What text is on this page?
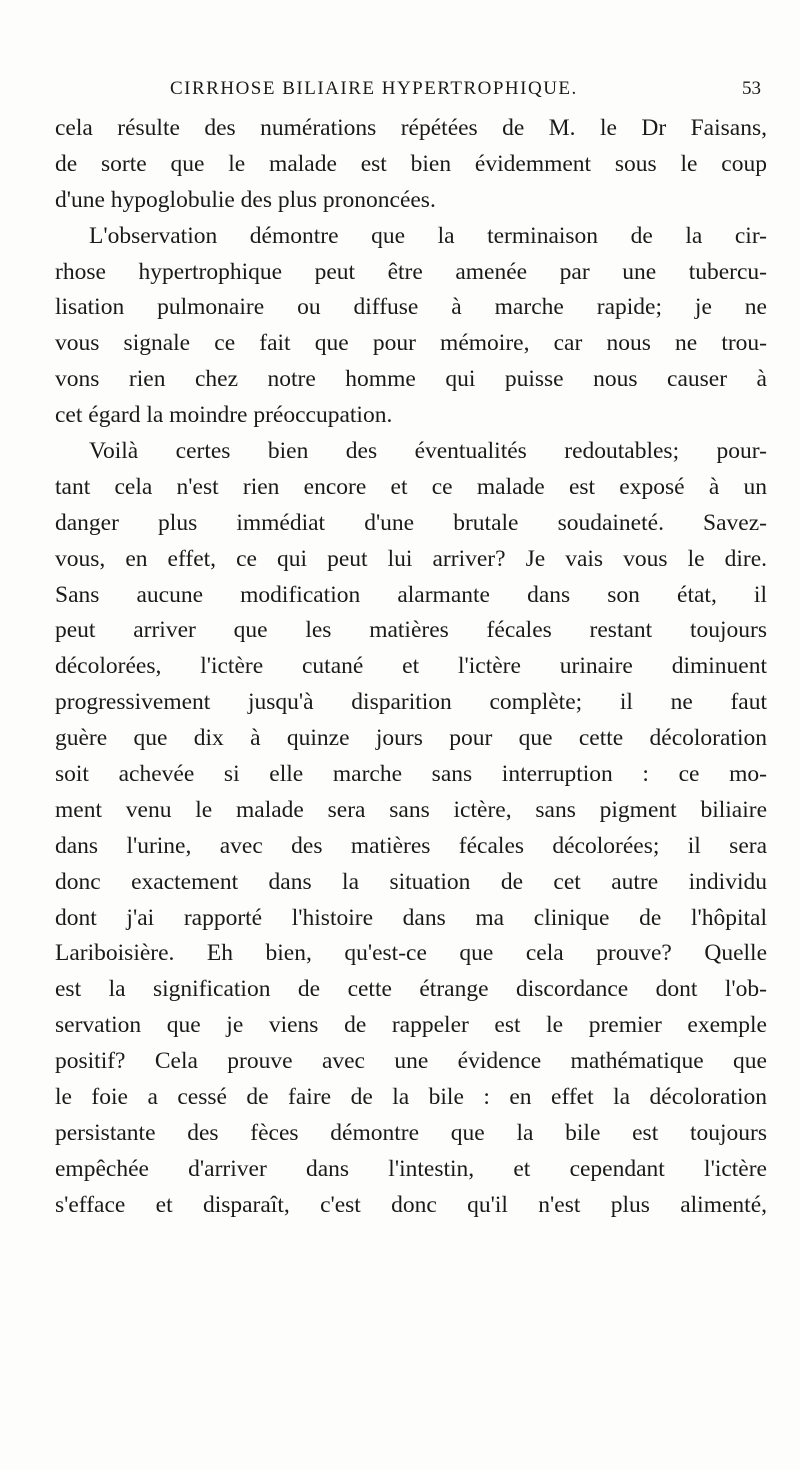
CIRRHOSE BILIAIRE HYPERTROPHIQUE.	53
cela résulte des numérations répétées de M. le Dr Faisans,
de sorte que le malade est bien évidemment sous le coup
d'une hypoglobulie des plus prononcées.
L'observation démontre que la terminaison de la cir-
rhose hypertrophique peut être amenée par une tubercu-
lisation pulmonaire ou diffuse à marche rapide; je ne
vous signale ce fait que pour mémoire, car nous ne trou-
vons rien chez notre homme qui puisse nous causer à
cet égard la moindre préoccupation.
Voilà certes bien des éventualités redoutables; pour-
tant cela n'est rien encore et ce malade est exposé à un
danger plus immédiat d'une brutale soudaineté. Savez-
vous, en effet, ce qui peut lui arriver? Je vais vous le dire.
Sans aucune modification alarmante dans son état, il
peut arriver que les matières fécales restant toujours
décolorées, l'ictère cutané et l'ictère urinaire diminuent
progressivement jusqu'à disparition complète; il ne faut
guère que dix à quinze jours pour que cette décoloration
soit achevée si elle marche sans interruption : ce mo-
ment venu le malade sera sans ictère, sans pigment biliaire
dans l'urine, avec des matières fécales décolorées; il sera
donc exactement dans la situation de cet autre individu
dont j'ai rapporté l'histoire dans ma clinique de l'hôpital
Lariboisière. Eh bien, qu'est-ce que cela prouve? Quelle
est la signification de cette étrange discordance dont l'ob-
servation que je viens de rappeler est le premier exemple
positif? Cela prouve avec une évidence mathématique que
le foie a cessé de faire de la bile : en effet la décoloration
persistante des fèces démontre que la bile est toujours
empêchée d'arriver dans l'intestin, et cependant l'ictère
s'efface et disparaît, c'est donc qu'il n'est plus alimenté,
